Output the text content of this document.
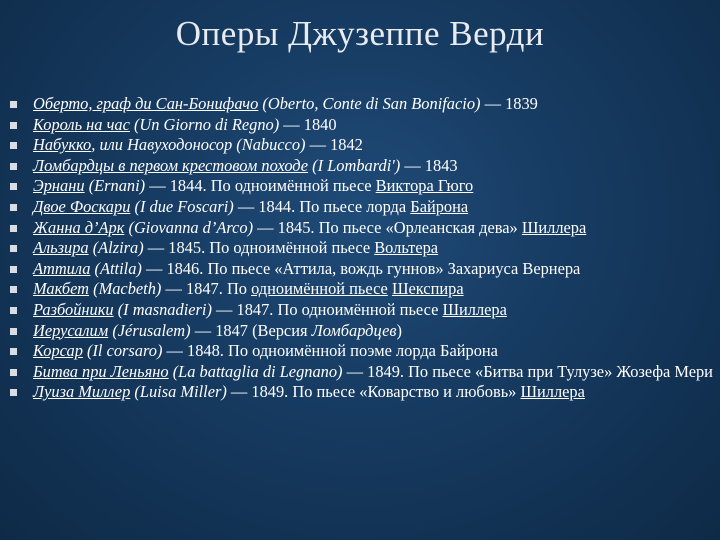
Оперы Джузеппе Верди
Оберто, граф ди Сан-Бонифачо (Oberto, Conte di San Bonifacio) — 1839
Король на час (Un Giorno di Regno) — 1840
Набукко, или Навуходоносор (Nabucco) — 1842
Ломбардцы в первом крестовом походе (I Lombardi') — 1843
Эрнани (Ernani) — 1844. По одноимённой пьесе Виктора Гюго
Двое Фоскари (I due Foscari) — 1844. По пьесе лорда Байрона
Жанна д’Арк (Giovanna d’Arco) — 1845. По пьесе «Орлеанская дева» Шиллера
Альзира (Alzira) — 1845. По одноимённой пьесе Вольтера
Аттила (Attila) — 1846. По пьесе «Аттила, вождь гуннов» Захариуса Вернера
Макбет (Macbeth) — 1847. По одноимённой пьесе Шекспира
Разбойники (I masnadieri) — 1847. По одноимённой пьесе Шиллера
Иерусалим (Jérusalem) — 1847 (Версия Ломбардцев)
Корсар (Il corsaro) — 1848. По одноимённой поэме лорда Байрона
Битва при Леньяно (La battaglia di Legnano) — 1849. По пьесе «Битва при Тулузе» Жозефа Мери
Луиза Миллер (Luisa Miller) — 1849. По пьесе «Коварство и любовь» Шиллера
